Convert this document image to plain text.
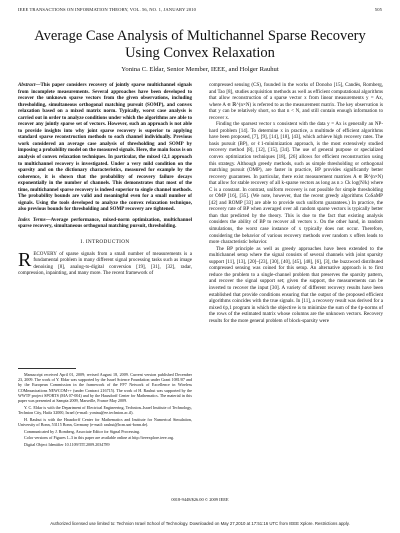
IEEE TRANSACTIONS ON INFORMATION THEORY, VOL. 56, NO. 1, JANUARY 2010	505
Average Case Analysis of Multichannel Sparse Recovery Using Convex Relaxation
Yonina C. Eldar, Senior Member, IEEE, and Holger Rauhut

Abstract—This paper considers recovery of jointly sparse multichannel signals from incomplete measurements. Several approaches have been developed to recover the unknown sparse vectors from the given observations, including thresholding, simultaneous orthogonal matching pursuit (SOMP), and convex relaxation based on a mixed matrix norm. Typically, worst case analysis is carried out in order to analyze conditions under which the algorithms are able to recover any jointly sparse set of vectors. However, such an approach is not able to provide insights into why joint sparse recovery is superior to applying standard sparse reconstruction methods to each channel individually. Previous work considered an average case analysis of thresholding and SOMP by imposing a probability model on the measured signals. Here, the main focus is on analysis of convex relaxation techniques. In particular, the mixed ℓ2,1 approach to multichannel recovery is investigated. Under a very mild condition on the sparsity and on the dictionary characteristics, measured for example by the coherence, it is shown that the probability of recovery failure decays exponentially in the number of channels. This demonstrates that most of the time, multichannel sparse recovery is indeed superior to single channel methods. The probability bounds are valid and meaningful even for a small number of signals. Using the tools developed to analyze the convex relaxation technique, also previous bounds for thresholding and SOMP recovery are tightened.

Index Terms—Average performance, mixed-norm optimization, multichannel sparse recovery, simultaneous orthogonal matching pursuit, thresholding.

I. INTRODUCTION

RECOVERY of sparse signals from a small number of measurements is a fundamental problem in many different signal processing tasks such as image denoising [8], analog-to-digital conversion [19], [31], [32], radar, compression, inpainting, and many more. The recent framework of

Manuscript received April 01, 2009; revised August 18, 2009. Current version published December 23, 2009. The work of Y. Eldar was supported by the Israel Science Foundation under Grant 1081/07 and by the European Commission in the framework of the FP7 Network of Excellence in Wireless COMmunications NEWCOM++ (under Contract 216715). The work of H. Rauhut was supported by the WWTF project SPORTS (MA 07-004) and by the Hausdorff Center for Mathematics. The material in this paper was presented at Sampta 2009, Marseille, France May 2009.

Y. C. Eldar is with the Department of Electrical Engineering, Technion–Israel Institute of Technology, Technion City, Haifa 32000, Israel (e-mail: yonina@ee.technion.ac.il).

H. Rauhut is with the Hausdorff Center for Mathematics and Institute for Numerical Simulation, University of Bonn, 53115 Bonn, Germany (e-mail: rauhut@hcm.uni-bonn.de).

Communicated by J. Romberg, Associate Editor for Signal Processing.

Color versions of Figures 1–3 in this paper are available online at http://ieeexplore.ieee.org.

Digital Object Identifier 10.1109/TIT.2009.2034789

compressed sensing (CS), founded in the works of Donoho [15], Candès, Romberg, and Tao [8], studies acquisition methods as well as efficient computational algorithms that allow reconstruction of a sparse vector x from linear measurements y = Ax, where A ∈ ℝ^(n×N) is referred to as the measurement matrix. The key observation is that y can be relatively short, so that n < N, and still contain enough information to recover x.

Finding the sparsest vector x consistent with the data y = Ax is generally an NP-hard problem [14]. To determine x in practice, a multitude of efficient algorithms have been proposed, [7], [9], [14], [18], [43], which achieve high recovery rates. The basis pursuit (BP), or ℓ1-minimization approach, is the most extensively studied recovery method [8], [12], [15], [34]. The use of general purpose or specialized convex optimization techniques [18], [26] allows for efficient reconstruction using this strategy. Although greedy methods, such as simple thresholding or orthogonal matching pursuit (OMP), are faster in practice, BP provides significantly better recovery guarantees. In particular, there exist measurement matrices A ∈ ℝ^(n×N) that allow for stable recovery of all k-sparse vectors as long as n ≥ Ck log(N/k) where C is a constant. In contrast, uniform recovery is not possible for simple thresholding or OMP [16], [35]. (We note, however, that the recent greedy algorithms CoSaMP [42] and ROMP [33] are able to provide such uniform guarantees.) In practice, the recovery rate of BP when averaged over all random sparse vectors is typically better than that predicted by the theory. This is due to the fact that existing analysis considers the ability of BP to recover all vectors x. On the other hand, in random simulations, the worst case instance of x typically does not occur. Therefore, considering the behavior of various recovery methods over random x offers leads to more characteristic behavior.

The BP principle as well as greedy approaches have been extended to the multichannel setup where the signal consists of several channels with joint sparsity support [11], [13], [20]–[23], [30], [40], [45], [48], [6], [3], the buzzword distributed compressed sensing was coined for this setup. An alternative approach is to first reduce the problem to a single-channel problem that preserves the sparsity pattern, and recover the signal support set; given the support, the measurements can be inverted to recover the input [30]. A variety of different recovery results have been established that provide conditions ensuring that the output of the proposed efficient algorithms coincides with the true signals. In [11], a recovery result was derived for a mixed ℓp,1 program in which the objective is to minimize the sum of the ℓp-norms of the rows of the estimated matrix whose columns are the unknown vectors. Recovery results for the more general problem of block-sparsity were

0018-9448/$26.00 © 2009 IEEE
Authorized licensed use limited to: Technion Israel School of Technology. Downloaded on May 27,2010 at 17:51:16 UTC from IEEE Xplore. Restrictions apply.
